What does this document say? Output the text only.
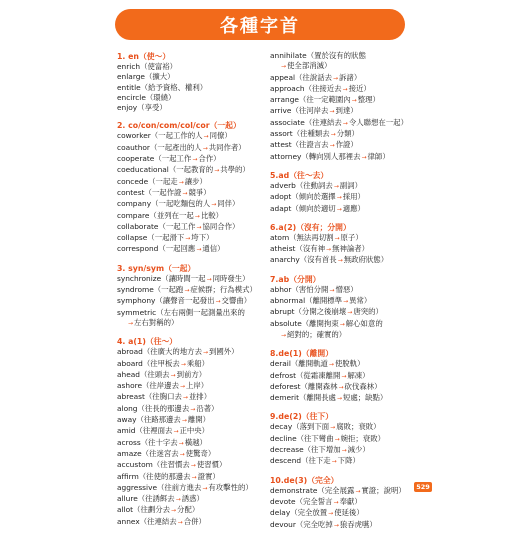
各種字首
1. en（使～）
enrich（使富裕）
enlarge（擴大）
entitle（給予資格、權利）
encircle（環繞）
enjoy（享受）
2. co/con/com/col/cor（一起）
coworker（一起工作的人→同僚）
coauthor（一起產出的人→共同作者）
cooperate（一起工作→合作）
coeducational（一起教育的→共學的）
concede（一起走→讓步）
contest（一起作證→競爭）
company（一起吃麵包的人→同伴）
compare（並列在一起→比較）
collaborate（一起工作→協同合作）
collapse（一起滑下→垮下）
correspond（一起回應→通信）
3. syn/sym（一起）
synchronize（讓時間一起→同時發生）
syndrome（一起跑→症候群；行為模式）
symphony（讓聲音一起發出→交響曲）
symmetric（左右兩側一起測量出來的
→左右對稱的）
4. a(1)（往～）
abroad（往廣大的地方去→到國外）
aboard（往甲板去→乘船）
ahead（往頭去→到前方）
ashore（往岸邊去→上岸）
abreast（往胸口去→並排）
along（往長的那邊去→沿著）
away（往路那邊去→離開）
amid（往裡面去→正中央）
across（往十字去→橫越）
amaze（往迷宮去→使驚奇）
accustom（往習慣去→使習慣）
affirm（往使的那邊去→證實）
aggressive（往前方進去→有攻擊性的）
allure（往誘餌去→誘惑）
allot（往劃分去→分配）
annex（往連結去→合併）
annihilate（置於沒有的狀態
→使全部消滅）
appeal（往說話去→訴諸）
approach（往接近去→接近）
arrange（往一定範圍內→整理）
arrive（往河岸去→到達）
associate（往連結去→令人聯想在一起）
assort（往種類去→分類）
attest（往證言去→作證）
attorney（轉向別人那裡去→律師）
5.ad（往～去）
adverb（往動詞去→副詞）
adopt（傾向於選擇→採用）
adapt（傾向於適切→適應）
6.a(2)（沒有；分開）
atom（無法再切割→原子）
atheist（沒有神→無神論者）
anarchy（沒有首長→無政府狀態）
7.ab（分開）
abhor（害怕分開→憎惡）
abnormal（離開標準→異常）
abrupt（分開之後崩壞→唐突的）
absolute（離開拘束→解心如意的
→絕對的；確實的）
8.de(1)（離開）
derail（離開軌道→使脫軌）
defrost（從霜凍離開→解凍）
deforest（離開森林→砍伐森林）
demerit（離開長處→短處；缺點）
9.de(2)（往下）
decay（落到下面→腐敗；衰敗）
decline（往下彎曲→婉拒；衰敗）
decrease（往下增加→減少）
descend（往下走→下降）
10.de(3)（完全）
demonstrate（完全展露→實證；說明）
devote（完全誓言→奉獻）
delay（完全放置→使延後）
devour（完全吃掉→狼吞虎嚥）
529
